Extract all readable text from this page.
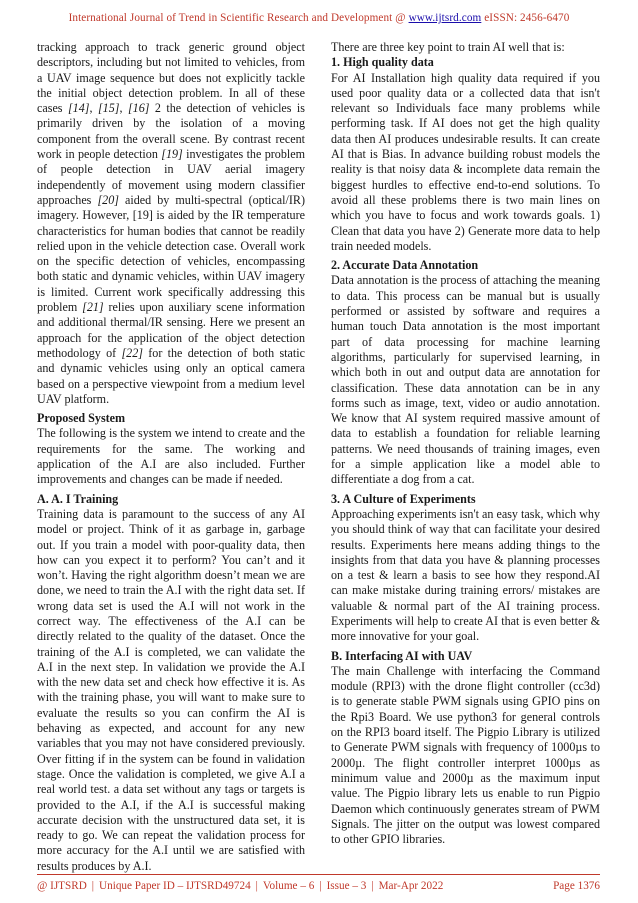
International Journal of Trend in Scientific Research and Development @ www.ijtsrd.com eISSN: 2456-6470

tracking approach to track generic ground object descriptors, including but not limited to vehicles, from a UAV image sequence but does not explicitly tackle the initial object detection problem. In all of these cases [14], [15], [16] 2 the detection of vehicles is primarily driven by the isolation of a moving component from the overall scene. By contrast recent work in people detection [19] investigates the problem of people detection in UAV aerial imagery independently of movement using modern classifier approaches [20] aided by multi-spectral (optical/IR) imagery. However, [19] is aided by the IR temperature characteristics for human bodies that cannot be readily relied upon in the vehicle detection case. Overall work on the specific detection of vehicles, encompassing both static and dynamic vehicles, within UAV imagery is limited. Current work specifically addressing this problem [21] relies upon auxiliary scene information and additional thermal/IR sensing. Here we present an approach for the application of the object detection methodology of [22] for the detection of both static and dynamic vehicles using only an optical camera based on a perspective viewpoint from a medium level UAV platform.

Proposed System

The following is the system we intend to create and the requirements for the same. The working and application of the A.I are also included. Further improvements and changes can be made if needed.

A. A. I Training

Training data is paramount to the success of any AI model or project. Think of it as garbage in, garbage out. If you train a model with poor-quality data, then how can you expect it to perform? You can’t and it won’t. Having the right algorithm doesn’t mean we are done, we need to train the A.I with the right data set. If wrong data set is used the A.I will not work in the correct way. The effectiveness of the A.I can be directly related to the quality of the dataset. Once the training of the A.I is completed, we can validate the A.I in the next step. In validation we provide the A.I with the new data set and check how effective it is. As with the training phase, you will want to make sure to evaluate the results so you can confirm the AI is behaving as expected, and account for any new variables that you may not have considered previously. Over fitting if in the system can be found in validation stage. Once the validation is completed, we give A.I a real world test. a data set without any tags or targets is provided to the A.I, if the A.I is successful making accurate decision with the unstructured data set, it is ready to go. We can repeat the validation process for more accuracy for the A.I until we are satisfied with results produces by A.I.

There are three key point to train AI well that is:

1. High quality data

For AI Installation high quality data required if you used poor quality data or a collected data that isn't relevant so Individuals face many problems while performing task. If AI does not get the high quality data then AI produces undesirable results. It can create AI that is Bias. In advance building robust models the reality is that noisy data & incomplete data remain the biggest hurdles to effective end-to-end solutions. To avoid all these problems there is two main lines on which you have to focus and work towards goals. 1) Clean that data you have 2) Generate more data to help train needed models.

2. Accurate Data Annotation

Data annotation is the process of attaching the meaning to data. This process can be manual but is usually performed or assisted by software and requires a human touch Data annotation is the most important part of data processing for machine learning algorithms, particularly for supervised learning, in which both in out and output data are annotation for classification. These data annotation can be in any forms such as image, text, video or audio annotation. We know that AI system required massive amount of data to establish a foundation for reliable learning patterns. We need thousands of training images, even for a simple application like a model able to differentiate a dog from a cat.

3. A Culture of Experiments

Approaching experiments isn't an easy task, which why you should think of way that can facilitate your desired results. Experiments here means adding things to the insights from that data you have & planning processes on a test & learn a basis to see how they respond.AI can make mistake during training errors/ mistakes are valuable & normal part of the AI training process. Experiments will help to create AI that is even better & more innovative for your goal.

B. Interfacing AI with UAV

The main Challenge with interfacing the Command module (RPI3) with the drone flight controller (cc3d) is to generate stable PWM signals using GPIO pins on the Rpi3 Board. We use python3 for general controls on the RPI3 board itself. The Pigpio Library is utilized to Generate PWM signals with frequency of 1000µs to 2000µ. The flight controller interpret 1000µs as minimum value and 2000µ as the maximum input value. The Pigpio library lets us enable to run Pigpio Daemon which continuously generates stream of PWM Signals. The jitter on the output was lowest compared to other GPIO libraries.

@ IJTSRD | Unique Paper ID – IJTSRD49724 | Volume – 6 | Issue – 3 | Mar-Apr 2022	Page 1376
